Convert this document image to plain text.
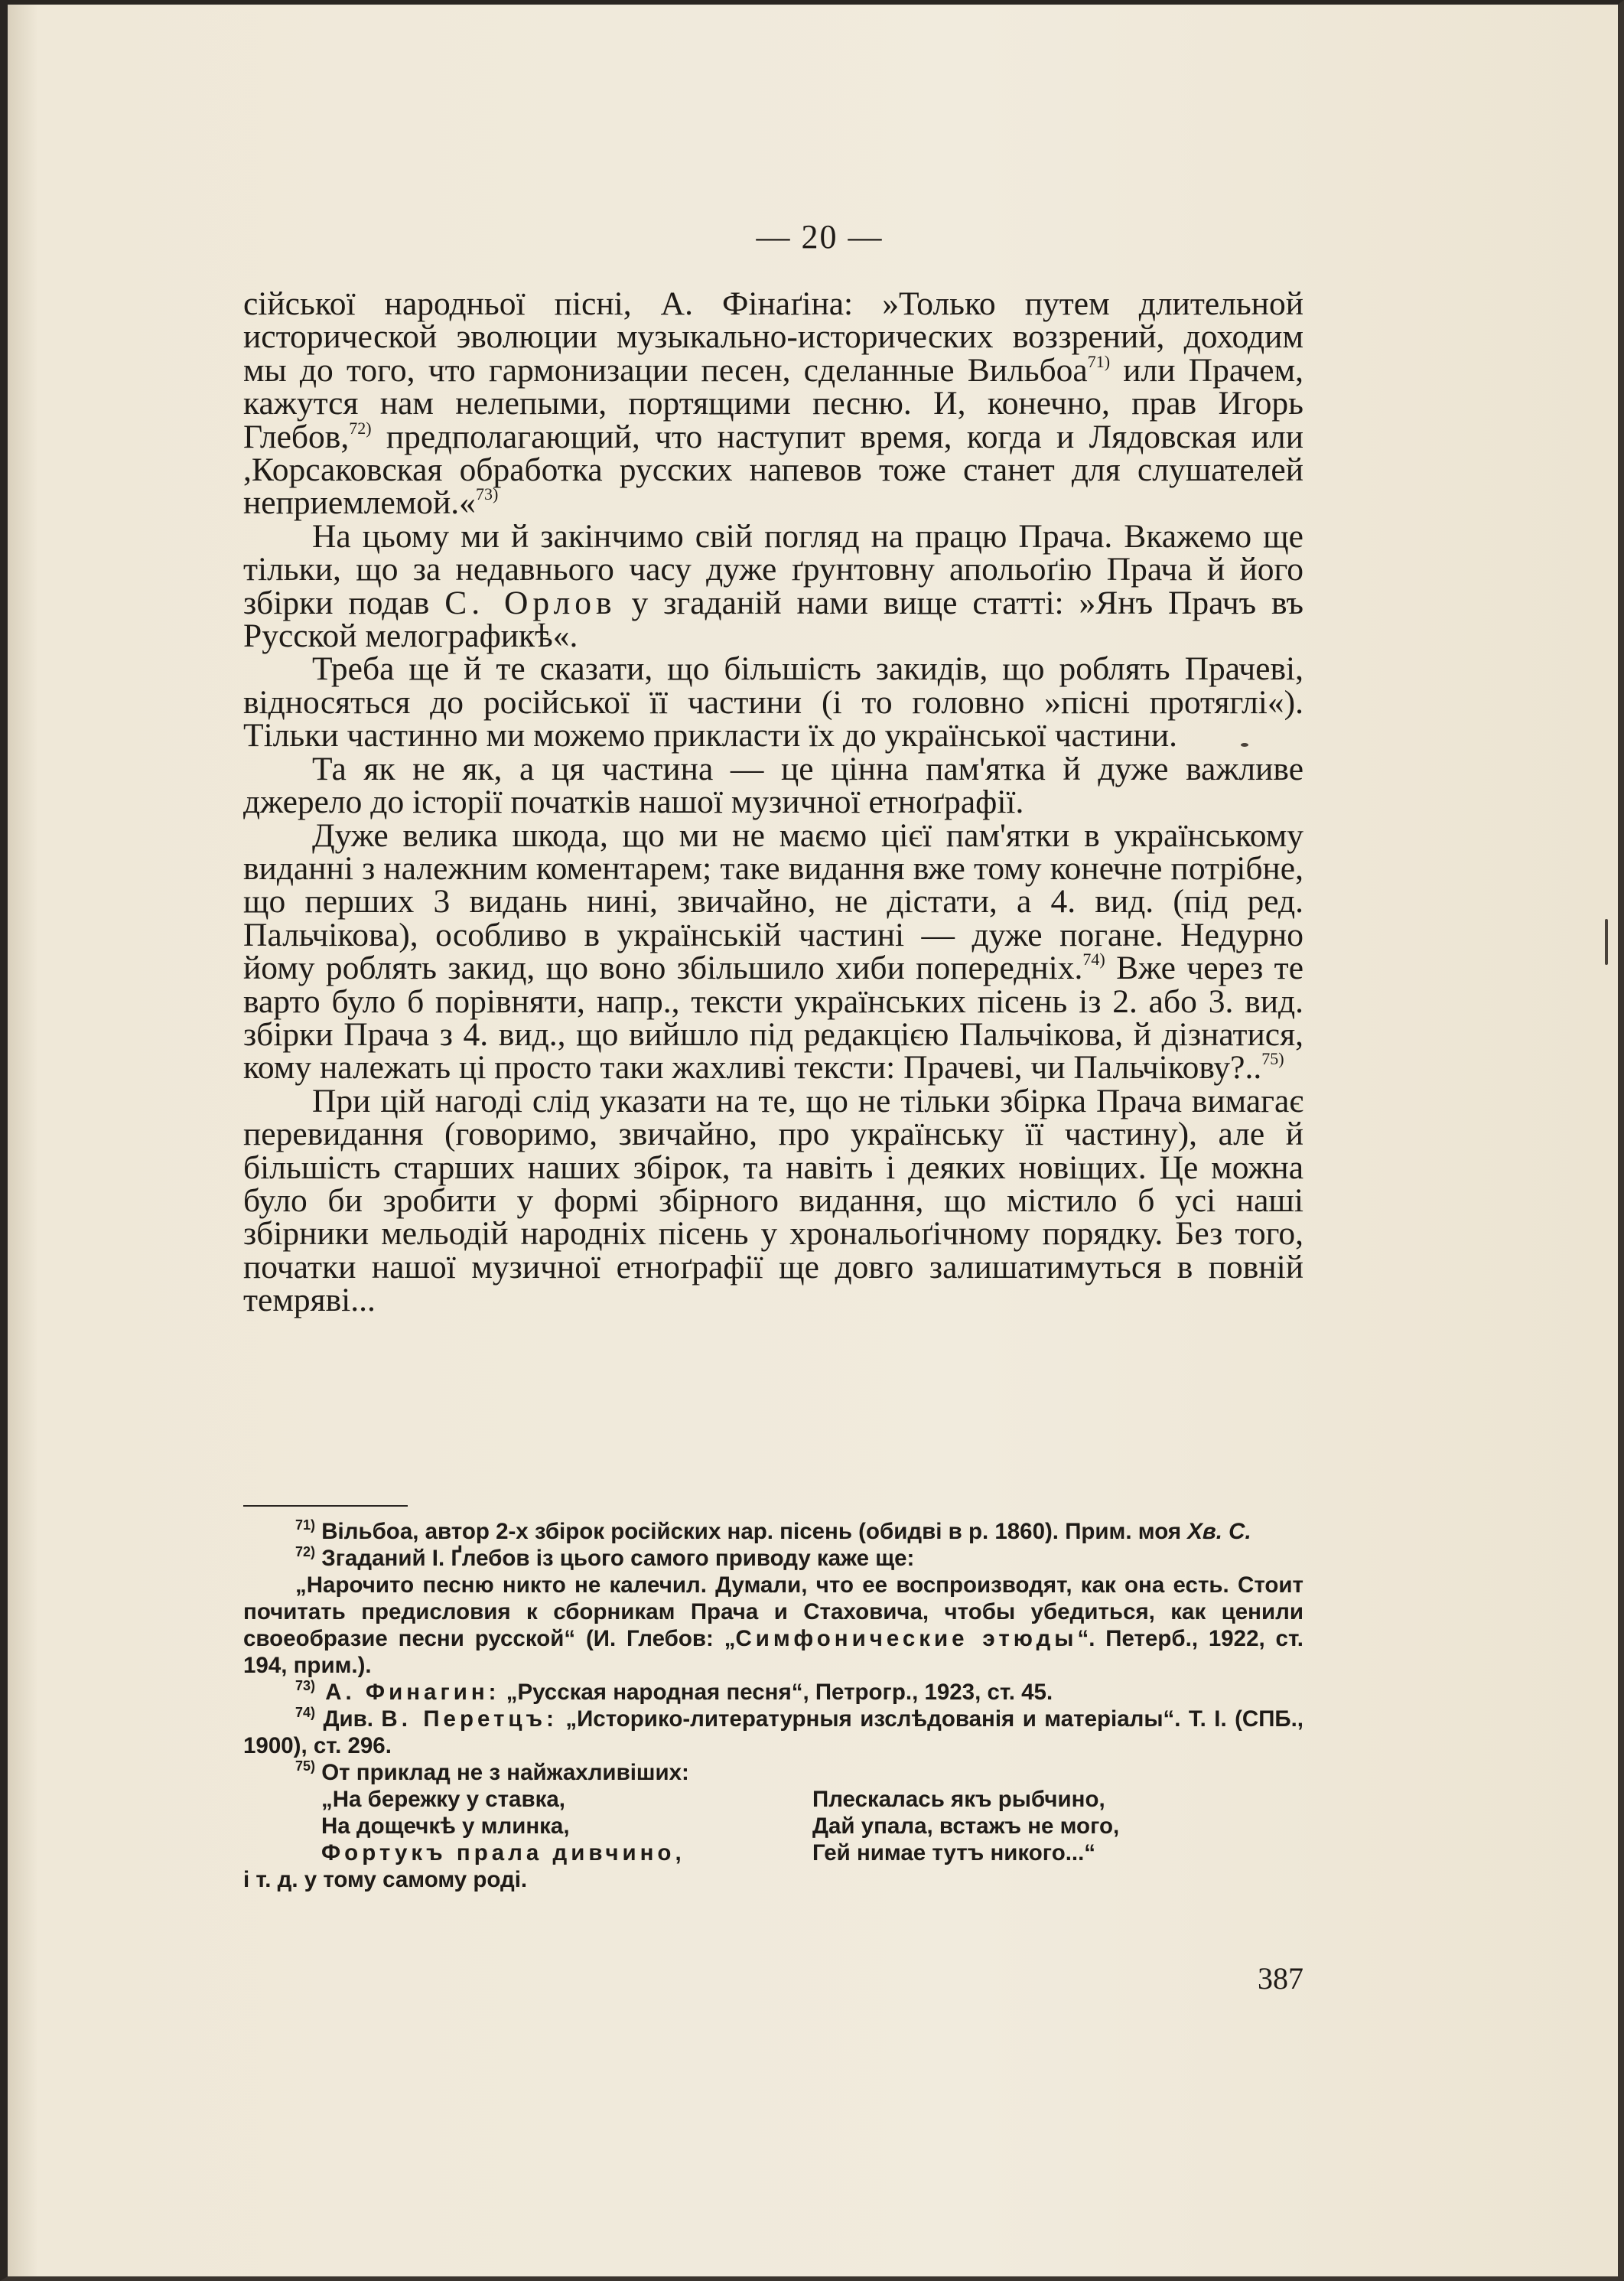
— 20 —

сійської народньої пісні, А. Фінаґіна: »Только путем длительной исторической эволюции музыкально-исторических воззрений, доходим мы до того, что гармонизации песен, сделанные Вильбоа$^{71)}$ или Прачем, кажутся нам нелепыми, портящими песню. И, конечно, прав Игорь Глебов,$^{72)}$ предполагающий, что наступит время, когда и Лядовская или ,Корсаковская обработка русских напевов тоже станет для слушателей неприемлемой.«$^{73)}$

На цьому ми й закінчимо свій погляд на працю Прача. Вкажемо ще тільки, що за недавнього часу дуже ґрунтовну апольоґію Прача й його збірки подав С. Орлов у згаданій нами вище статті: »Янъ Прачъ въ Русской мелографикѣ«.

Треба ще й те сказати, що більшість закидів, що роблять Прачеві, відносяться до російської її частини (і то головно »пісні протяглі«). Тільки частинно ми можемо прикласти їх до української частини.

Та як не як, а ця частина — це цінна пам'ятка й дуже важливе джерело до історії початків нашої музичної етноґрафії.

Дуже велика шкода, що ми не маємо цієї пам'ятки в українському виданні з належним коментарем; таке видання вже тому конечне потрібне, що перших 3 видань нині, звичайно, не дістати, а 4. вид. (під ред. Пальчікова), особливо в українській частині — дуже погане. Недурно йому роблять закид, що воно збільшило хиби попередніх.$^{74)}$ Вже через те варто було б порівняти, напр., тексти українських пісень із 2. або 3. вид. збірки Прача з 4. вид., що вийшло під редакцією Пальчікова, й дізнатися, кому належать ці просто таки жахливі тексти: Прачеві, чи Пальчікову?..$^{75)}$

При цій нагоді слід указати на те, що не тільки збірка Прача вимагає перевидання (говоримо, звичайно, про українську її частину), але й більшість старших наших збірок, та навіть і деяких новіщих. Це можна було би зробити у формі збірного видання, що містило б усі наші збірники мельодій народніх пісень у хрональоґічному порядку. Без того, початки нашої музичної етноґрафії ще довго залишатимуться в повній темряві...

$^{71)}$ Вільбоа, автор 2-х збірок російских нар. пісень (обидві в р. 1860). Прим. моя Хв. С.

$^{72)}$ Згаданий І. Ґлебов із цього самого приводу каже ще:

„Нарочито песню никто не калечил. Думали, что ее воспроизводят, как она есть. Стоит почитать предисловия к сборникам Прача и Стаховича, чтобы убедиться, как ценили своеобразие песни русской“ (И. Глебов: „Симфонические этюды“. Петерб., 1922, ст. 194, прим.).

$^{73)}$ А. Финагин: „Русская народная песня“, Петрогр., 1923, ст. 45.

$^{74)}$ Див. В. Перетцъ: „Историко-литературныя изслѣдованія и матеріалы“. Т. I. (СПБ., 1900), ст. 296.

$^{75)}$ От приклад не з найжахливіших:

„На бережку у ставка,
На дощечкѣ у млинка,
Фортукъ прала дивчино,
Плескалась якъ рыбчино,
Дай упала, встажъ не мого,
Гей нимае тутъ никого...“

і т. д. у тому самому роді.

387
